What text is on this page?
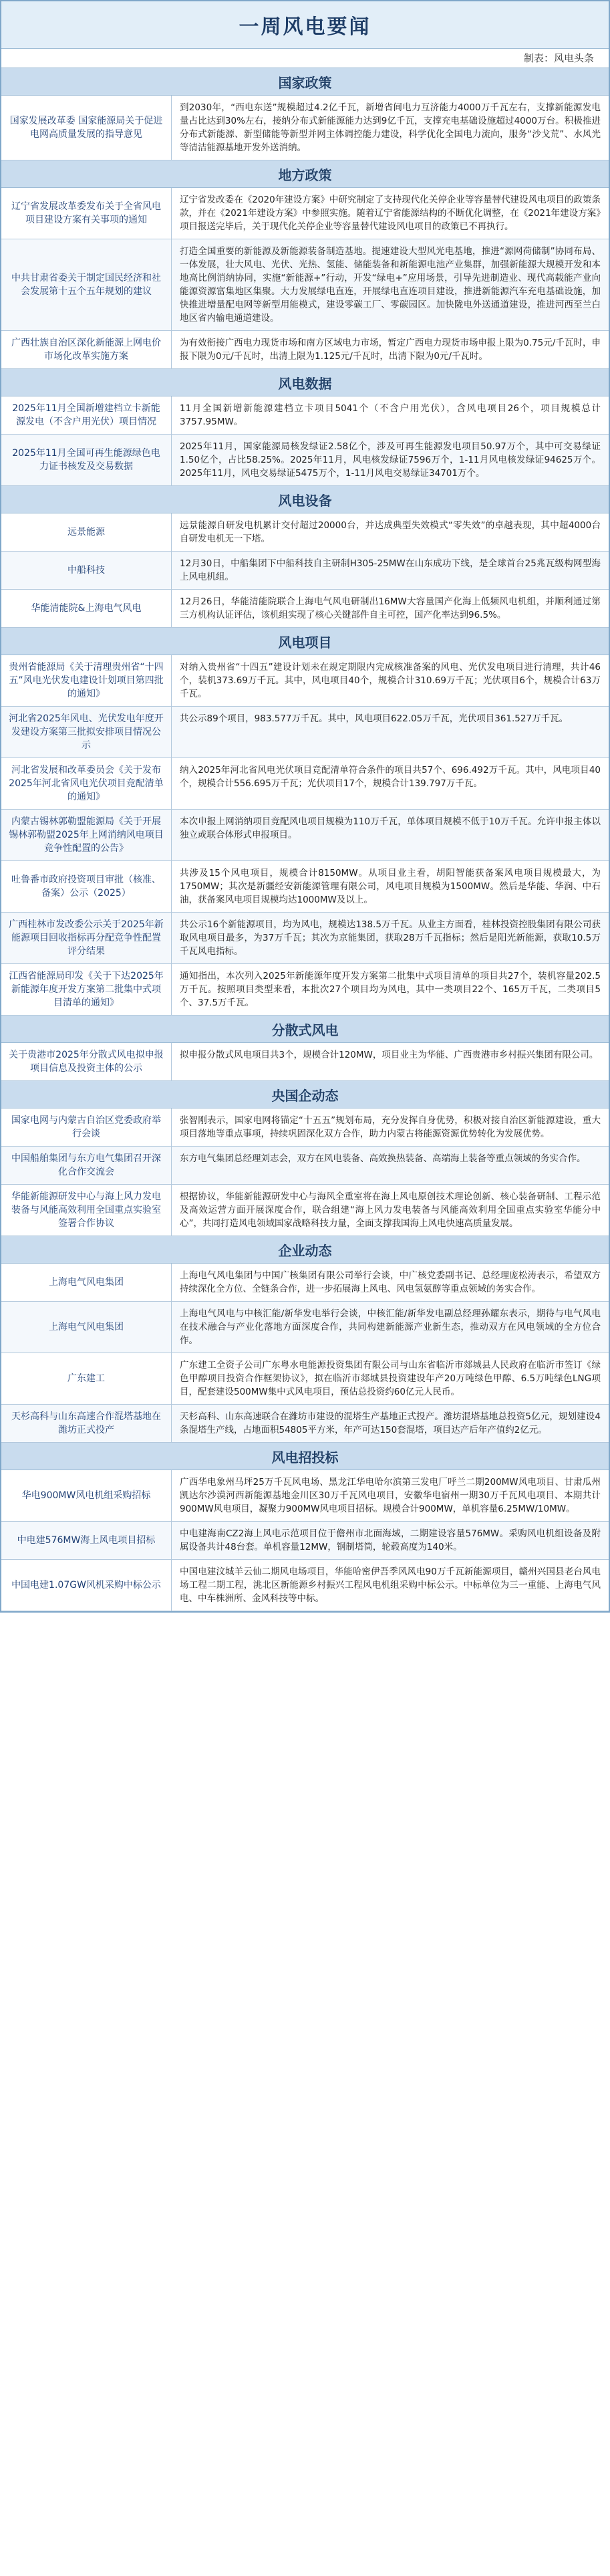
一周风电要闻
制表：风电头条
国家政策
国家发展改革委 国家能源局关于促进电网高质量发展的指导意见
到2030年，“西电东送”规模超过4.2亿千瓦，新增省间电力互济能力4000万千瓦左右，支撑新能源发电量占比达到30%左右，接纳分布式新能源能力达到9亿千瓦，支撑充电基础设施超过4000万台。积极推进分布式新能源、新型储能等新型并网主体调控能力建设，科学优化全国电力流向，服务“沙戈荒”、水风光等清洁能源基地开发外送消纳。
地方政策
辽宁省发展改革委发布关于全省风电项目建设方案有关事项的通知
辽宁省发改委在《2020年建设方案》中研究制定了支持现代化关停企业等容量替代建设风电项目的政策条款，并在《2021年建设方案》中参照实施。随着辽宁省能源结构的不断优化调整，在《2021年建设方案》项目报送完毕后，关于现代化关停企业等容量替代建设风电项目的政策已不再执行。
中共甘肃省委关于制定国民经济和社会发展第十五个五年规划的建议
打造全国重要的新能源及新能源装备制造基地。提速建设大型风光电基地，推进“源网荷储制”协同布局、一体发展，壮大风电、光伏、光热、氢能、储能装备和新能源电池产业集群，加强新能源大规模开发和本地高比例消纳协同，实施“新能源+”行动，开发“绿电+”应用场景，引导先进制造业、现代高载能产业向能源资源富集地区集聚。大力发展绿电直连，开展绿电直连项目建设，推进新能源汽车充电基础设施，加快推进增量配电网等新型用能模式，建设零碳工厂、零碳园区。加快陇电外送通道建设，推进河西至兰白地区省内输电通道建设。
广西壮族自治区深化新能源上网电价市场化改革实施方案
为有效衔接广西电力现货市场和南方区域电力市场，暂定广西电力现货市场申报上限为0.75元/千瓦时，申报下限为0元/千瓦时，出清上限为1.125元/千瓦时，出清下限为0元/千瓦时。
风电数据
2025年11月全国新增建档立卡新能源发电（不含户用光伏）项目情况
11月全国新增新能源建档立卡项目5041个（不含户用光伏），含风电项目26个，项目规模总计3757.95MW。
2025年11月全国可再生能源绿色电力证书核发及交易数据
2025年11月，国家能源局核发绿证2.58亿个，涉及可再生能源发电项目50.97万个，其中可交易绿证1.50亿个，占比58.25%。2025年11月，风电核发绿证7596万个，1-11月风电核发绿证94625万个。2025年11月，风电交易绿证5475万个，1-11月风电交易绿证34701万个。
风电设备
远景能源
远景能源自研发电机累计交付超过20000台，并达成典型失效模式“零失效”的卓越表现，其中超4000台自研发电机无一下塔。
中船科技
12月30日，中船集团下中船科技自主研制H305-25MW在山东成功下线，是全球首台25兆瓦级构网型海上风电机组。
华能清能院&上海电气风电
12月26日，华能清能院联合上海电气风电研制出16MW大容量国产化海上低频风电机组，并顺利通过第三方机构认证评估，该机组实现了核心关键部件自主可控，国产化率达到96.5%。
风电项目
贵州省能源局《关于清理贵州省“十四五”风电光伏发电建设计划项目第四批的通知》
对纳入贵州省“十四五”建设计划未在规定期限内完成核准备案的风电、光伏发电项目进行清理，共计46个，装机373.69万千瓦。其中，风电项目40个，规模合计310.69万千瓦；光伏项目6个，规模合计63万千瓦。
河北省2025年风电、光伏发电年度开发建设方案第三批拟安排项目情况公示
共公示89个项目，983.577万千瓦。其中，风电项目622.05万千瓦，光伏项目361.527万千瓦。
河北省发展和改革委员会《关于发布2025年河北省风电光伏项目竞配清单的通知》
纳入2025年河北省风电光伏项目竞配清单符合条件的项目共57个、696.492万千瓦。其中，风电项目40个，规模合计556.695万千瓦；光伏项目17个，规模合计139.797万千瓦。
内蒙古锡林郭勒盟能源局《关于开展锡林郭勒盟2025年上网消纳风电项目竞争性配置的公告》
本次申报上网消纳项目竞配风电项目规模为110万千瓦，单体项目规模不低于10万千瓦。允许申报主体以独立或联合体形式申报项目。
吐鲁番市政府投资项目审批（核准、备案）公示（2025）
共涉及15个风电项目，规模合计8150MW。从项目业主看，胡阳智能获备案风电项目规模最大，为1750MW；其次是新疆经安新能源管理有限公司，风电项目规模为1500MW。然后是华能、华润、中石油，获备案风电项目规模均达1000MW及以上。
广西桂林市发改委公示关于2025年新能源项目回收指标再分配竞争性配置评分结果
共公示16个新能源项目，均为风电，规模达138.5万千瓦。从业主方面看，桂林投资控股集团有限公司获取风电项目最多，为37万千瓦；其次为京能集团，获取28万千瓦指标；然后是阳光新能源，获取10.5万千瓦风电指标。
江西省能源局印发《关于下达2025年新能源年度开发方案第二批集中式项目清单的通知》
通知指出，本次列入2025年新能源年度开发方案第二批集中式项目清单的项目共27个，装机容量202.5万千瓦。按照项目类型来看，本批次27个项目均为风电，其中一类项目22个、165万千瓦，二类项目5个、37.5万千瓦。
分散式风电
关于贵港市2025年分散式风电拟申报项目信息及投资主体的公示
拟申报分散式风电项目共3个，规模合计120MW，项目业主为华能、广西贵港市乡村振兴集团有限公司。
央国企动态
国家电网与内蒙古自治区党委政府举行会谈
张智刚表示，国家电网将锚定“十五五”规划布局，充分发挥自身优势，积极对接自治区新能源建设，重大项目落地等重点事项，持续巩固深化双方合作，助力内蒙古将能源资源优势转化为发展优势。
中国船舶集团与东方电气集团召开深化合作交流会
东方电气集团总经理刘志会，双方在风电装备、高效换热装备、高端海上装备等重点领域的务实合作。
华能新能源研发中心与海上风力发电装备与风能高效利用全国重点实验室签署合作协议
根据协议，华能新能源研发中心与海风全重室将在海上风电原创技术理论创新、核心装备研制、工程示范及高效运营方面开展深度合作，联合组建“海上风力发电装备与风能高效利用全国重点实验室华能分中心”，共同打造风电领域国家战略科技力量，全面支撑我国海上风电快速高质量发展。
企业动态
上海电气风电集团
上海电气风电集团与中国广核集团有限公司举行会谈，中广核党委副书记、总经理庞松涛表示，希望双方持续深化全方位、全链条合作，进一步拓展海上风电、风电氢氨醇等重点领域的务实合作。
上海电气风电集团
上海电气风电与中核汇能/新华发电举行会谈，中核汇能/新华发电副总经理孙耀东表示，期待与电气风电在技术融合与产业化落地方面深度合作，共同构建新能源产业新生态，推动双方在风电领域的全方位合作。
广东建工
广东建工全资子公司广东粤水电能源投资集团有限公司与山东省临沂市郯城县人民政府在临沂市签订《绿色甲醇项目投资合作框架协议》，拟在临沂市郯城县投资建设年产20万吨绿色甲醇、6.5万吨绿色LNG项目，配套建设500MW集中式风电项目，预估总投资约60亿元人民币。
天杉高科与山东高速合作混塔基地在潍坊正式投产
天杉高科、山东高速联合在潍坊市建设的混塔生产基地正式投产。潍坊混塔基地总投资5亿元，规划建设4条混塔生产线，占地面积54805平方米，年产可达150套混塔，项目达产后年产值约2亿元。
风电招投标
华电900MW风电机组采购招标
广西华电象州马坪25万千瓦风电场、黑龙江华电哈尔滨第三发电厂呼兰二期200MW风电项目、甘肃瓜州凯达尔沙漠河西新能源基地金川区30万千瓦风电项目，安徽华电宿州一期30万千瓦风电项目、本期共计900MW风电项目，凝聚力900MW风电项目招标。规模合计900MW，单机容量6.25MW/10MW。
中电建576MW海上风电项目招标
中电建海南CZ2海上风电示范项目位于儋州市北面海域，二期建设容量576MW。采购风电机组设备及附属设备共计48台套。单机容量12MW，钢制塔筒，轮毂高度为140米。
中国电建1.07GW风机采购中标公示
中国电建汶城羊云仙二期风电场项目，华能哈密伊吾季风风电90万千瓦新能源项目，赣州兴国县老台风电场工程二期工程，洮北区新能源乡村振兴工程风电机组采购中标公示。中标单位为三一重能、上海电气风电、中车株洲所、金风科技等中标。
